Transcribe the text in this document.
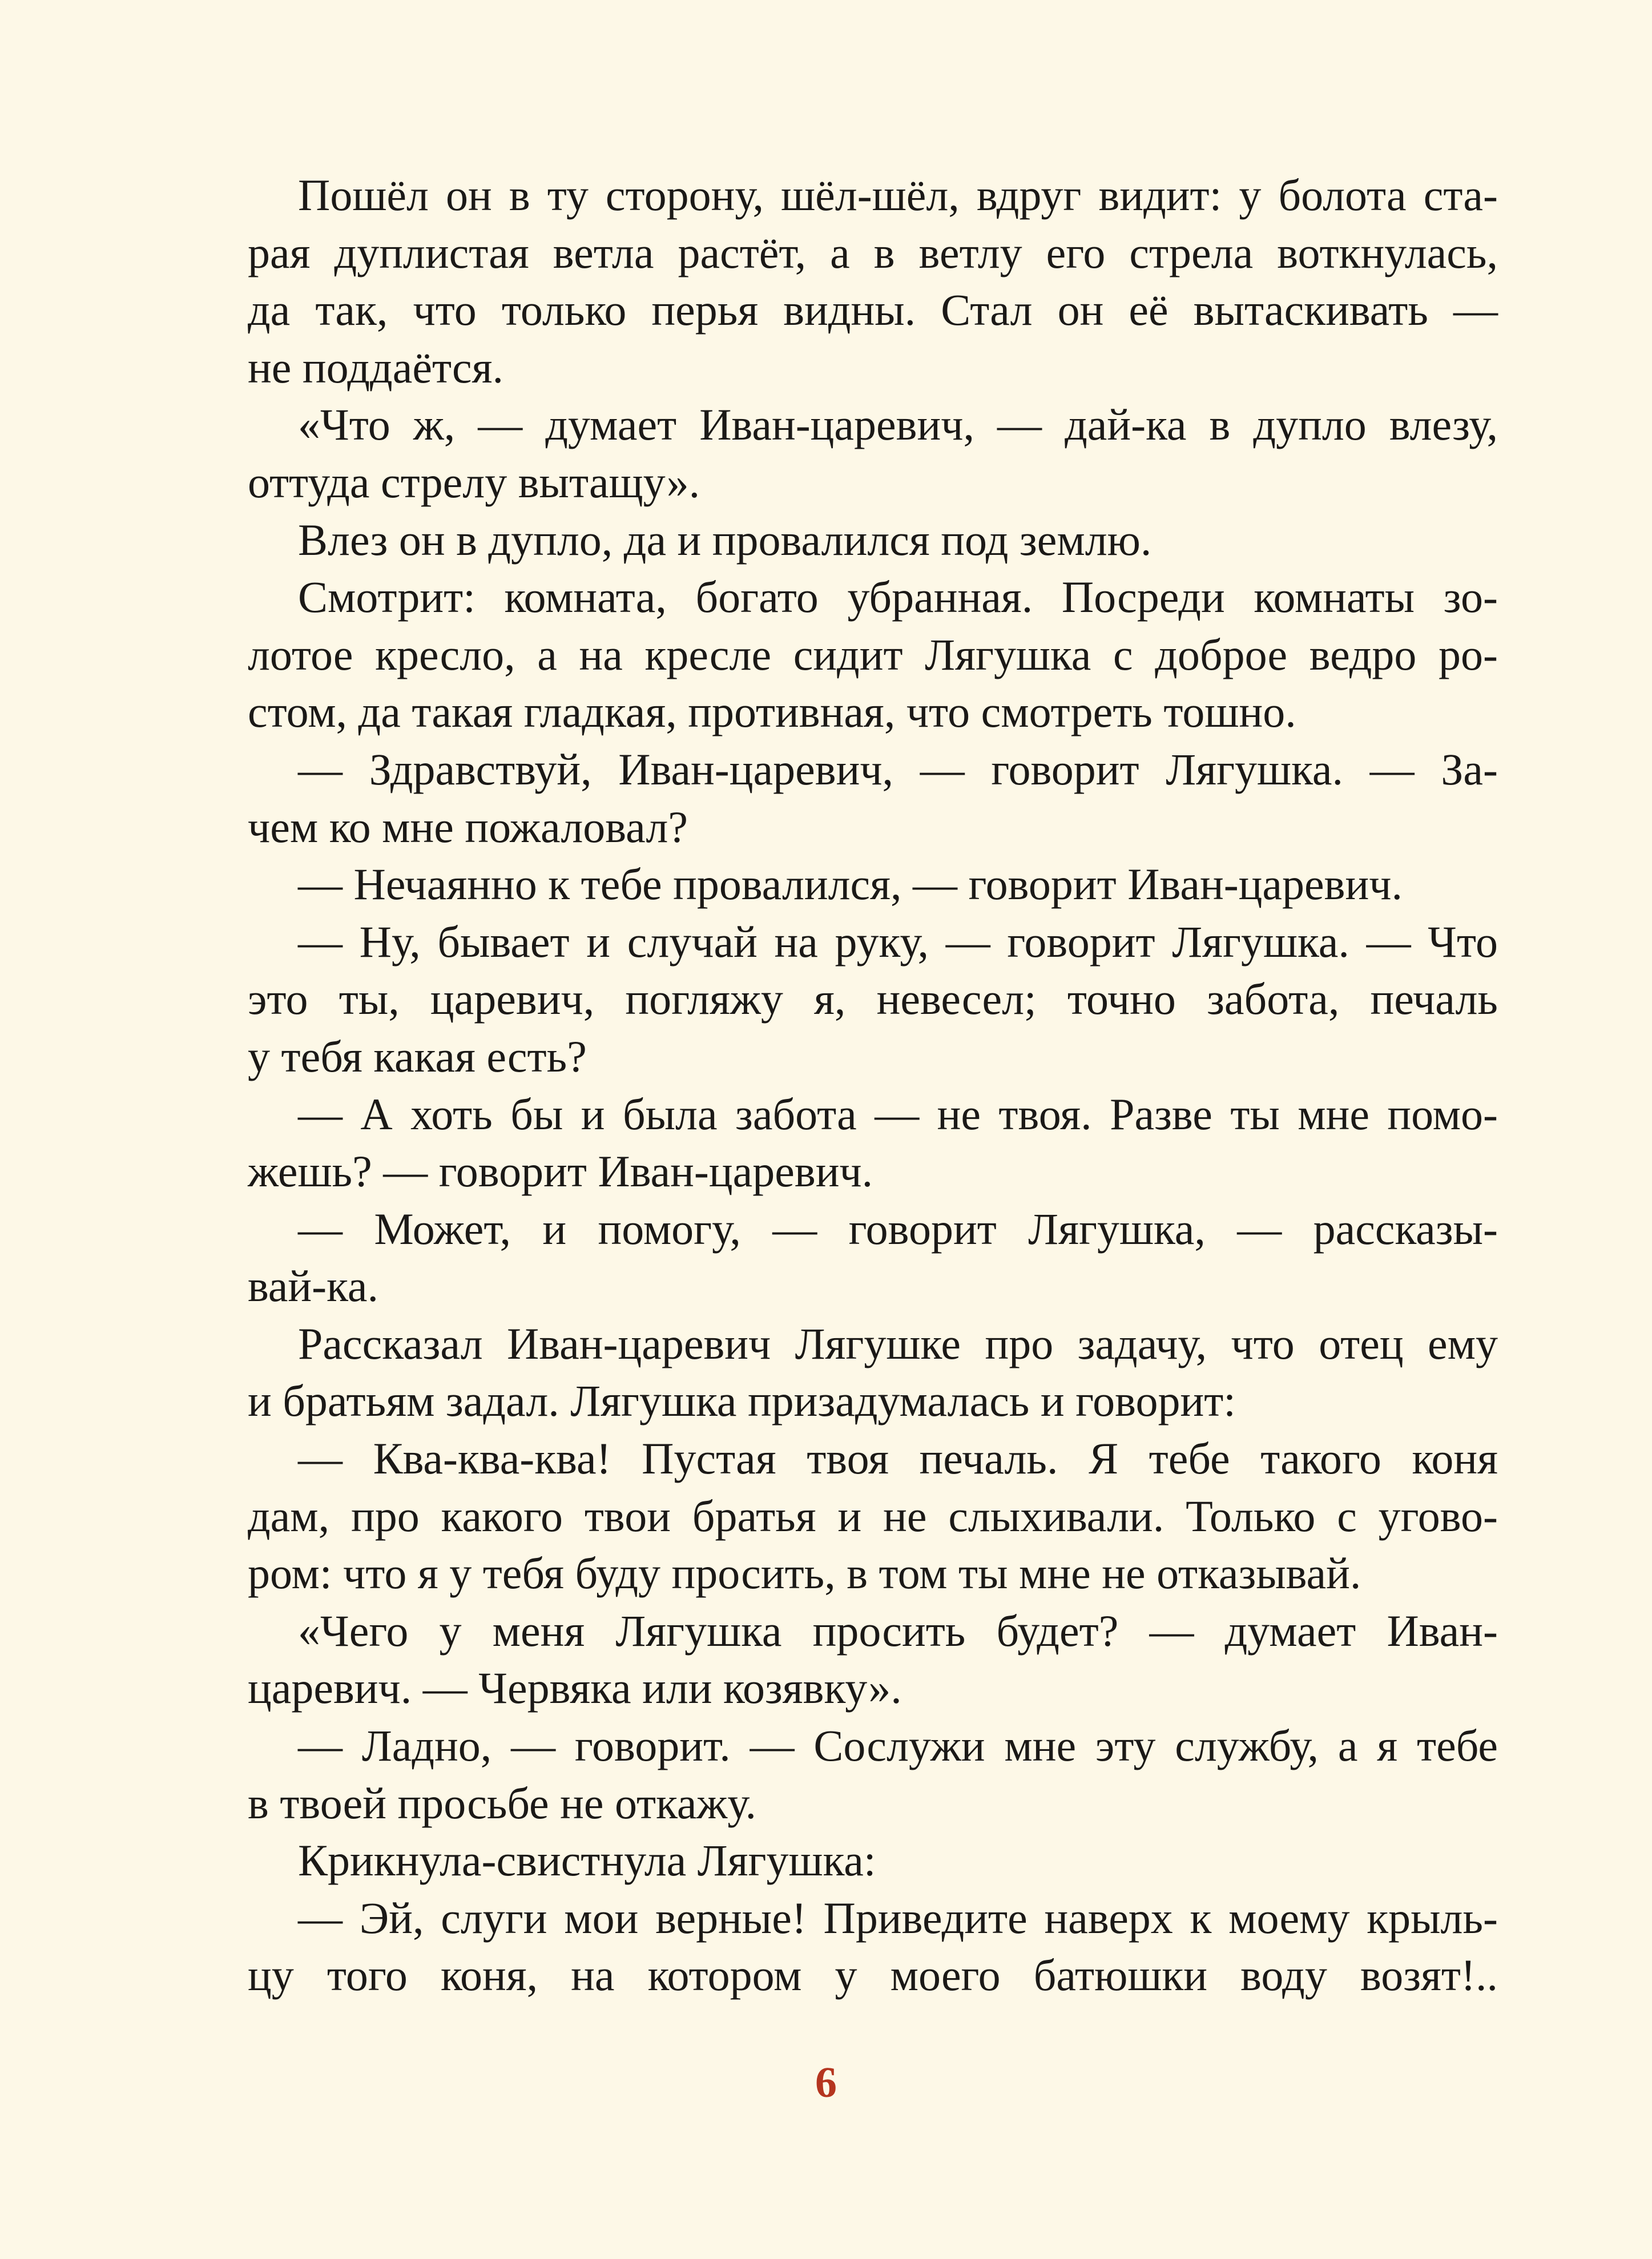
Пошёл он в ту сторону, шёл-шёл, вдруг видит: у болота ста-
рая дуплистая ветла растёт, а в ветлу его стрела воткнулась,
да так, что только перья видны. Стал он её вытаскивать —
не поддаётся.
«Что ж, — думает Иван-царевич, — дай-ка в дупло влезу,
оттуда стрелу вытащу».
Влез он в дупло, да и провалился под землю.
Смотрит: комната, богато убранная. Посреди комнаты зо-
лотое кресло, а на кресле сидит Лягушка с доброе ведро ро-
стом, да такая гладкая, противная, что смотреть тошно.
— Здравствуй, Иван-царевич, — говорит Лягушка. — За-
чем ко мне пожаловал?
— Нечаянно к тебе провалился, — говорит Иван-царевич.
— Ну, бывает и случай на руку, — говорит Лягушка. — Что
это ты, царевич, погляжу я, невесел; точно забота, печаль
у тебя какая есть?
— А хоть бы и была забота — не твоя. Разве ты мне помо-
жешь? — говорит Иван-царевич.
— Может, и помогу, — говорит Лягушка, — рассказы-
вай-ка.
Рассказал Иван-царевич Лягушке про задачу, что отец ему
и братьям задал. Лягушка призадумалась и говорит:
— Ква-ква-ква! Пустая твоя печаль. Я тебе такого коня
дам, про какого твои братья и не слыхивали. Только с угово-
ром: что я у тебя буду просить, в том ты мне не отказывай.
«Чего у меня Лягушка просить будет? — думает Иван-
царевич. — Червяка или козявку».
— Ладно, — говорит. — Сослужи мне эту службу, а я тебе
в твоей просьбе не откажу.
Крикнула-свистнула Лягушка:
— Эй, слуги мои верные! Приведите наверх к моему крыль-
цу того коня, на котором у моего батюшки воду возят!..
6
